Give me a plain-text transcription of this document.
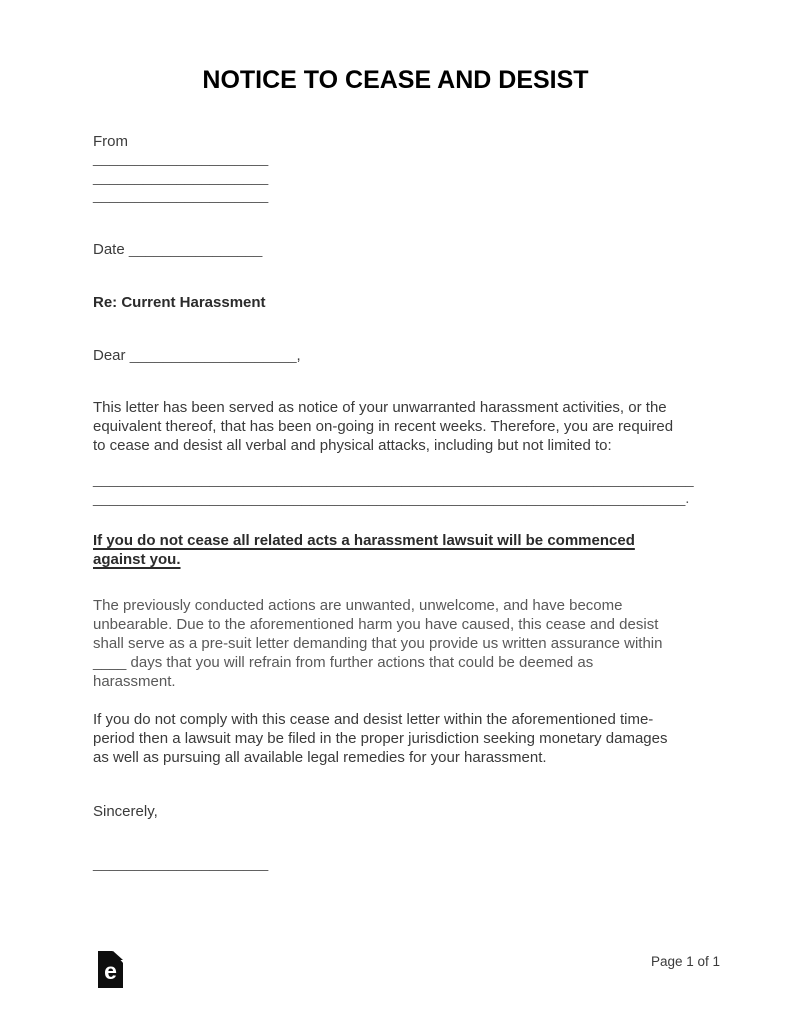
NOTICE TO CEASE AND DESIST
From
_____________________
_____________________
_____________________
Date ________________
Re: Current Harassment
Dear ____________________,
This letter has been served as notice of your unwarranted harassment activities, or the
equivalent thereof, that has been on-going in recent weeks. Therefore, you are required
to cease and desist all verbal and physical attacks, including but not limited to:
________________________________________________________________________
_______________________________________________________________________.
If you do not cease all related acts a harassment lawsuit will be commenced
against you.
The previously conducted actions are unwanted, unwelcome, and have become
unbearable. Due to the aforementioned harm you have caused, this cease and desist
shall serve as a pre-suit letter demanding that you provide us written assurance within
____ days that you will refrain from further actions that could be deemed as
harassment.
If you do not comply with this cease and desist letter within the aforementioned time-
period then a lawsuit may be filed in the proper jurisdiction seeking monetary damages
as well as pursuing all available legal remedies for your harassment.
Sincerely,
_____________________
e	Page 1 of 1
